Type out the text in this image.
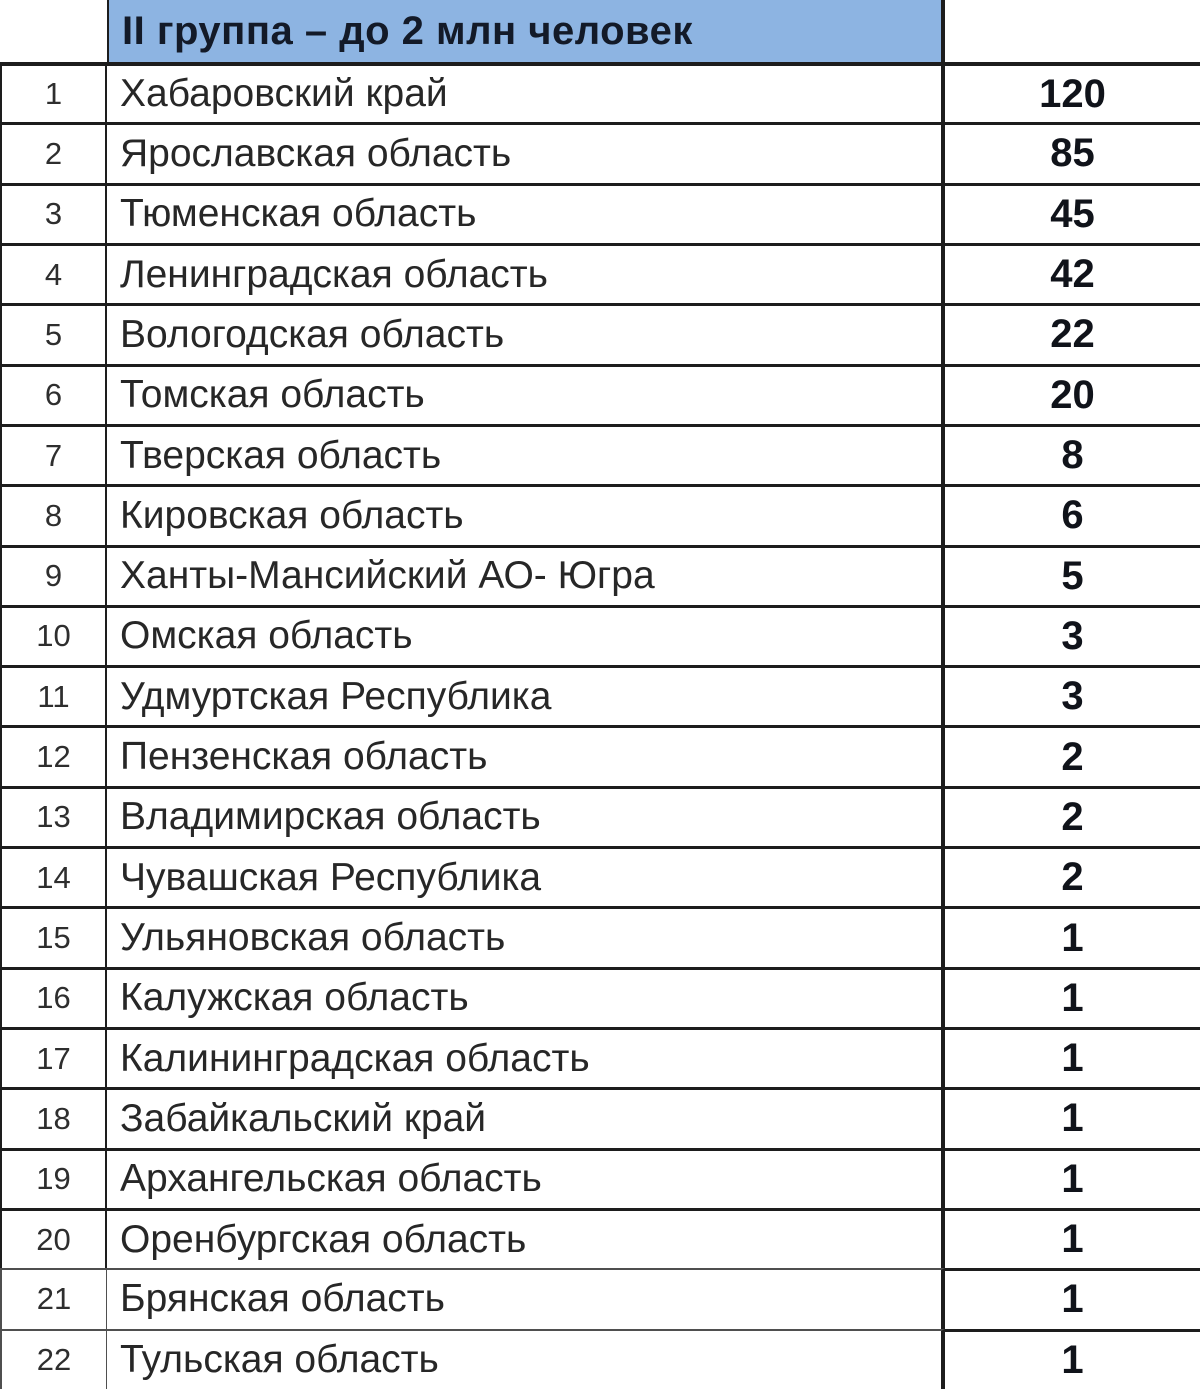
II группа – до 2 млн человек
1	Хабаровский край	120
2	Ярославская область	85
3	Тюменская область	45
4	Ленинградская область	42
5	Вологодская область	22
6	Томская область	20
7	Тверская область	8
8	Кировская область	6
9	Ханты-Мансийский АО- Югра	5
10	Омская область	3
11	Удмуртская Республика	3
12	Пензенская область	2
13	Владимирская область	2
14	Чувашская Республика	2
15	Ульяновская область	1
16	Калужская область	1
17	Калининградская область	1
18	Забайкальский край	1
19	Архангельская область	1
20	Оренбургская область	1
21	Брянская область	1
22	Тульская область	1
